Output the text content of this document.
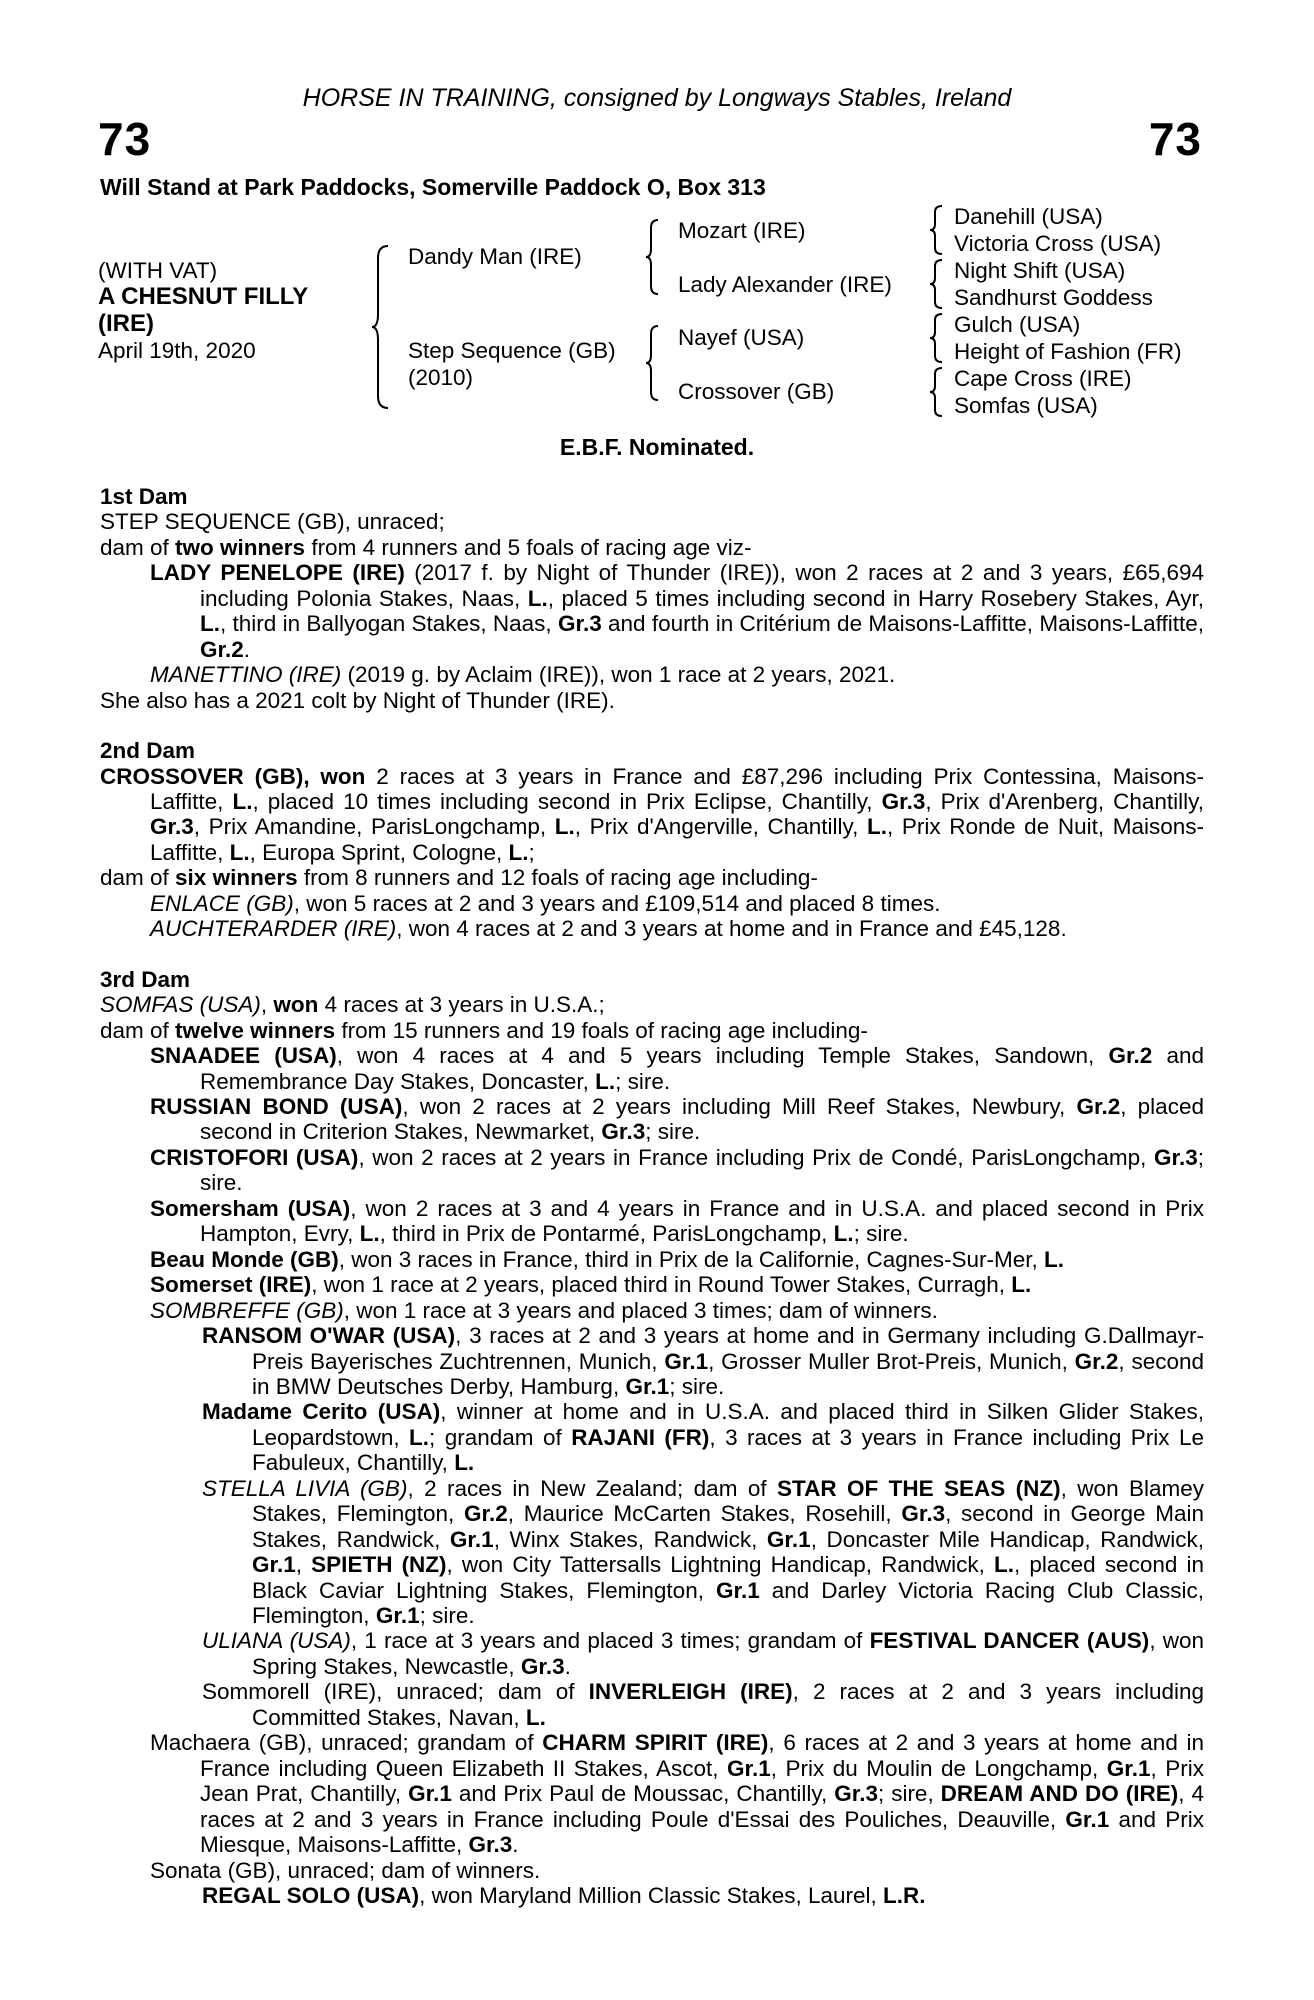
HORSE IN TRAINING, consigned by Longways Stables, Ireland
73	73
Will Stand at Park Paddocks, Somerville Paddock O, Box 313
(WITH VAT)
A CHESNUT FILLY
(IRE)
April 19th, 2020
Dandy Man (IRE)
Step Sequence (GB)
(2010)
Mozart (IRE)
Lady Alexander (IRE)
Nayef (USA)
Crossover (GB)
Danehill (USA)
Victoria Cross (USA)
Night Shift (USA)
Sandhurst Goddess
Gulch (USA)
Height of Fashion (FR)
Cape Cross (IRE)
Somfas (USA)
E.B.F. Nominated.
1st Dam
STEP SEQUENCE (GB), unraced;
dam of two winners from 4 runners and 5 foals of racing age viz-
LADY PENELOPE (IRE) (2017 f. by Night of Thunder (IRE)), won 2 races at 2 and 3 years, £65,694 including Polonia Stakes, Naas, L., placed 5 times including second in Harry Rosebery Stakes, Ayr, L., third in Ballyogan Stakes, Naas, Gr.3 and fourth in Critérium de Maisons-Laffitte, Maisons-Laffitte, Gr.2.
MANETTINO (IRE) (2019 g. by Aclaim (IRE)), won 1 race at 2 years, 2021.
She also has a 2021 colt by Night of Thunder (IRE).
2nd Dam
CROSSOVER (GB), won 2 races at 3 years in France and £87,296 including Prix Contessina, Maisons-Laffitte, L., placed 10 times including second in Prix Eclipse, Chantilly, Gr.3, Prix d'Arenberg, Chantilly, Gr.3, Prix Amandine, ParisLongchamp, L., Prix d'Angerville, Chantilly, L., Prix Ronde de Nuit, Maisons-Laffitte, L., Europa Sprint, Cologne, L.;
dam of six winners from 8 runners and 12 foals of racing age including-
ENLACE (GB), won 5 races at 2 and 3 years and £109,514 and placed 8 times.
AUCHTERARDER (IRE), won 4 races at 2 and 3 years at home and in France and £45,128.
3rd Dam
SOMFAS (USA), won 4 races at 3 years in U.S.A.;
dam of twelve winners from 15 runners and 19 foals of racing age including-
SNAADEE (USA), won 4 races at 4 and 5 years including Temple Stakes, Sandown, Gr.2 and Remembrance Day Stakes, Doncaster, L.; sire.
RUSSIAN BOND (USA), won 2 races at 2 years including Mill Reef Stakes, Newbury, Gr.2, placed second in Criterion Stakes, Newmarket, Gr.3; sire.
CRISTOFORI (USA), won 2 races at 2 years in France including Prix de Condé, ParisLongchamp, Gr.3; sire.
Somersham (USA), won 2 races at 3 and 4 years in France and in U.S.A. and placed second in Prix Hampton, Evry, L., third in Prix de Pontarmé, ParisLongchamp, L.; sire.
Beau Monde (GB), won 3 races in France, third in Prix de la Californie, Cagnes-Sur-Mer, L.
Somerset (IRE), won 1 race at 2 years, placed third in Round Tower Stakes, Curragh, L.
SOMBREFFE (GB), won 1 race at 3 years and placed 3 times; dam of winners.
RANSOM O'WAR (USA), 3 races at 2 and 3 years at home and in Germany including G.Dallmayr-Preis Bayerisches Zuchtrennen, Munich, Gr.1, Grosser Muller Brot-Preis, Munich, Gr.2, second in BMW Deutsches Derby, Hamburg, Gr.1; sire.
Madame Cerito (USA), winner at home and in U.S.A. and placed third in Silken Glider Stakes, Leopardstown, L.; grandam of RAJANI (FR), 3 races at 3 years in France including Prix Le Fabuleux, Chantilly, L.
STELLA LIVIA (GB), 2 races in New Zealand; dam of STAR OF THE SEAS (NZ), won Blamey Stakes, Flemington, Gr.2, Maurice McCarten Stakes, Rosehill, Gr.3, second in George Main Stakes, Randwick, Gr.1, Winx Stakes, Randwick, Gr.1, Doncaster Mile Handicap, Randwick, Gr.1, SPIETH (NZ), won City Tattersalls Lightning Handicap, Randwick, L., placed second in Black Caviar Lightning Stakes, Flemington, Gr.1 and Darley Victoria Racing Club Classic, Flemington, Gr.1; sire.
ULIANA (USA), 1 race at 3 years and placed 3 times; grandam of FESTIVAL DANCER (AUS), won Spring Stakes, Newcastle, Gr.3.
Sommorell (IRE), unraced; dam of INVERLEIGH (IRE), 2 races at 2 and 3 years including Committed Stakes, Navan, L.
Machaera (GB), unraced; grandam of CHARM SPIRIT (IRE), 6 races at 2 and 3 years at home and in France including Queen Elizabeth II Stakes, Ascot, Gr.1, Prix du Moulin de Longchamp, Gr.1, Prix Jean Prat, Chantilly, Gr.1 and Prix Paul de Moussac, Chantilly, Gr.3; sire, DREAM AND DO (IRE), 4 races at 2 and 3 years in France including Poule d'Essai des Pouliches, Deauville, Gr.1 and Prix Miesque, Maisons-Laffitte, Gr.3.
Sonata (GB), unraced; dam of winners.
REGAL SOLO (USA), won Maryland Million Classic Stakes, Laurel, L.R.
